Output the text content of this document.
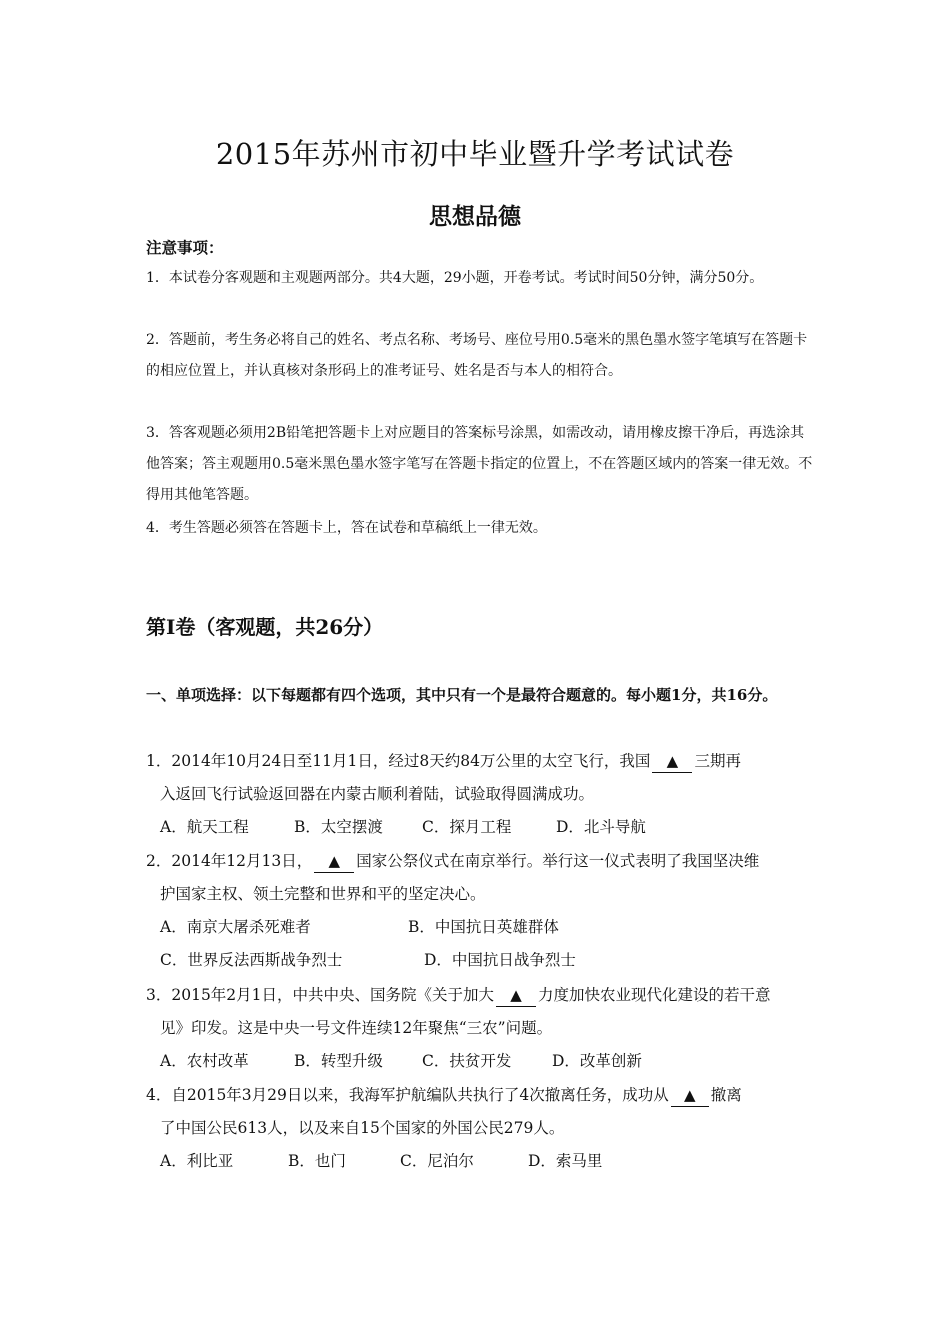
2015年苏州市初中毕业暨升学考试试卷
思想品德
注意事项：

1．本试卷分客观题和主观题两部分。共4大题，29小题，开卷考试。考试时间50分钟，满分50分。

2．答题前，考生务必将自己的姓名、考点名称、考场号、座位号用0.5毫米的黑色墨水签字笔填写在答题卡的相应位置上，并认真核对条形码上的准考证号、姓名是否与本人的相符合。

3．答客观题必须用2B铅笔把答题卡上对应题目的答案标号涂黑，如需改动，请用橡皮擦干净后，再选涂其他答案；答主观题用0.5毫米黑色墨水签字笔写在答题卡指定的位置上，不在答题区域内的答案一律无效。不得用其他笔答题。

4．考生答题必须答在答题卡上，答在试卷和草稿纸上一律无效。

第Ⅰ卷（客观题，共26分）

一、单项选择：以下每题都有四个选项，其中只有一个是最符合题意的。每小题1分，共16分。

1．2014年10月24日至11月1日，经过8天约84万公里的太空飞行，我国 ▲ 三期再
入返回飞行试验返回器在内蒙古顺利着陆，试验取得圆满成功。

A．航天工程	B．太空摆渡	C．探月工程	D．北斗导航

2．2014年12月13日， ▲ 国家公祭仪式在南京举行。举行这一仪式表明了我国坚决维
护国家主权、领土完整和世界和平的坚定决心。

A．南京大屠杀死难者	B．中国抗日英雄群体
C．世界反法西斯战争烈士	D．中国抗日战争烈士

3．2015年2月1日，中共中央、国务院《关于加大 ▲ 力度加快农业现代化建设的若干意
见》印发。这是中央一号文件连续12年聚焦“三农”问题。

A．农村改革	B．转型升级	C．扶贫开发	D．改革创新

4．自2015年3月29日以来，我海军护航编队共执行了4次撤离任务，成功从 ▲ 撤离
了中国公民613人，以及来自15个国家的外国公民279人。

A．利比亚	B．也门	C．尼泊尔	D．索马里
